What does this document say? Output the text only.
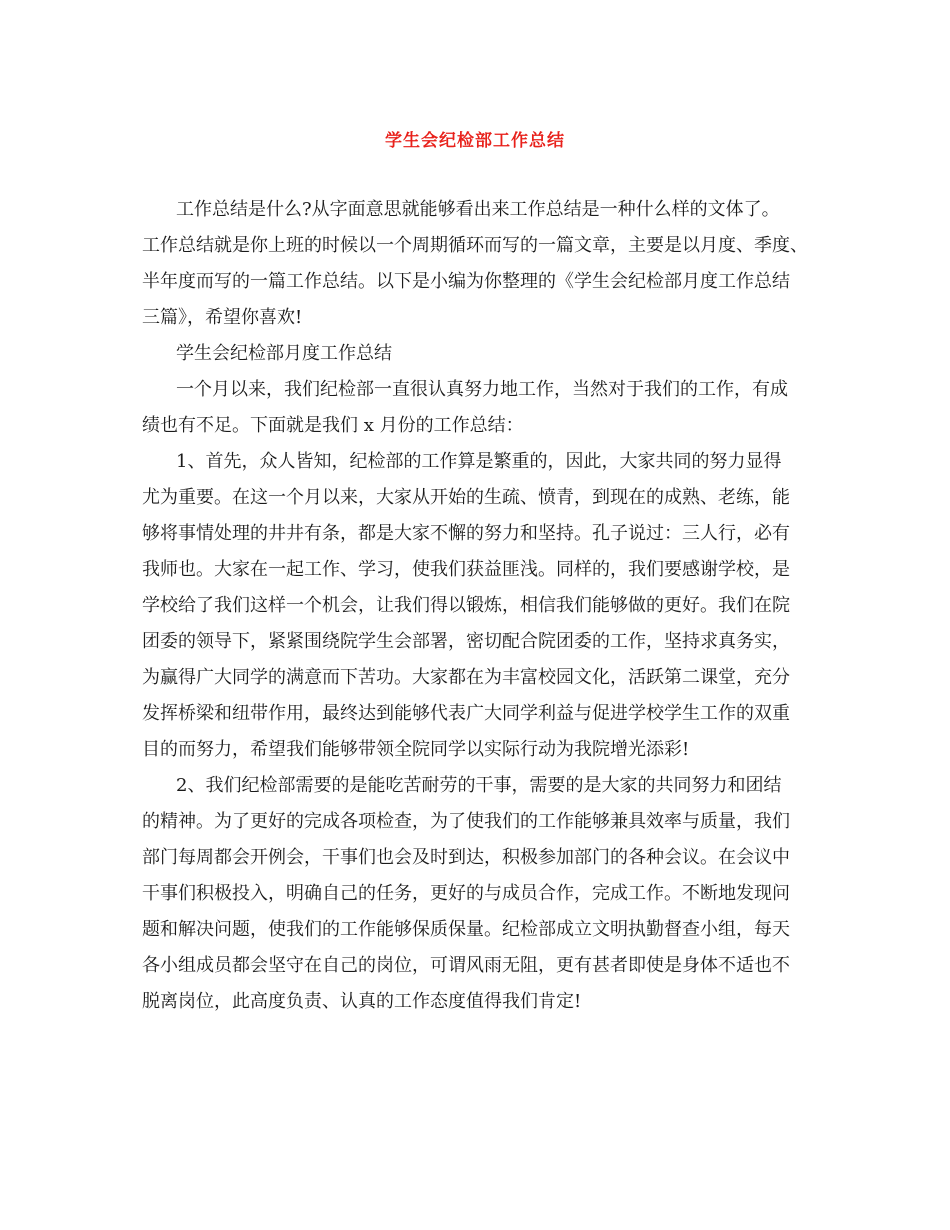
学生会纪检部工作总结
工作总结是什么?从字面意思就能够看出来工作总结是一种什么样的文体了。
工作总结就是你上班的时候以一个周期循环而写的一篇文章，主要是以月度、季度、
半年度而写的一篇工作总结。以下是小编为你整理的《学生会纪检部月度工作总结
三篇》，希望你喜欢!
学生会纪检部月度工作总结
一个月以来，我们纪检部一直很认真努力地工作，当然对于我们的工作，有成
绩也有不足。下面就是我们 x 月份的工作总结：
1、首先，众人皆知，纪检部的工作算是繁重的，因此，大家共同的努力显得
尤为重要。在这一个月以来，大家从开始的生疏、愤青，到现在的成熟、老练，能
够将事情处理的井井有条，都是大家不懈的努力和坚持。孔子说过：三人行，必有
我师也。大家在一起工作、学习，使我们获益匪浅。同样的，我们要感谢学校，是
学校给了我们这样一个机会，让我们得以锻炼，相信我们能够做的更好。我们在院
团委的领导下，紧紧围绕院学生会部署，密切配合院团委的工作，坚持求真务实，
为赢得广大同学的满意而下苦功。大家都在为丰富校园文化，活跃第二课堂，充分
发挥桥梁和纽带作用，最终达到能够代表广大同学利益与促进学校学生工作的双重
目的而努力，希望我们能够带领全院同学以实际行动为我院增光添彩!
2、我们纪检部需要的是能吃苦耐劳的干事，需要的是大家的共同努力和团结
的精神。为了更好的完成各项检查，为了使我们的工作能够兼具效率与质量，我们
部门每周都会开例会，干事们也会及时到达，积极参加部门的各种会议。在会议中
干事们积极投入，明确自己的任务，更好的与成员合作，完成工作。不断地发现问
题和解决问题，使我们的工作能够保质保量。纪检部成立文明执勤督查小组，每天
各小组成员都会坚守在自己的岗位，可谓风雨无阻，更有甚者即使是身体不适也不
脱离岗位，此高度负责、认真的工作态度值得我们肯定!
